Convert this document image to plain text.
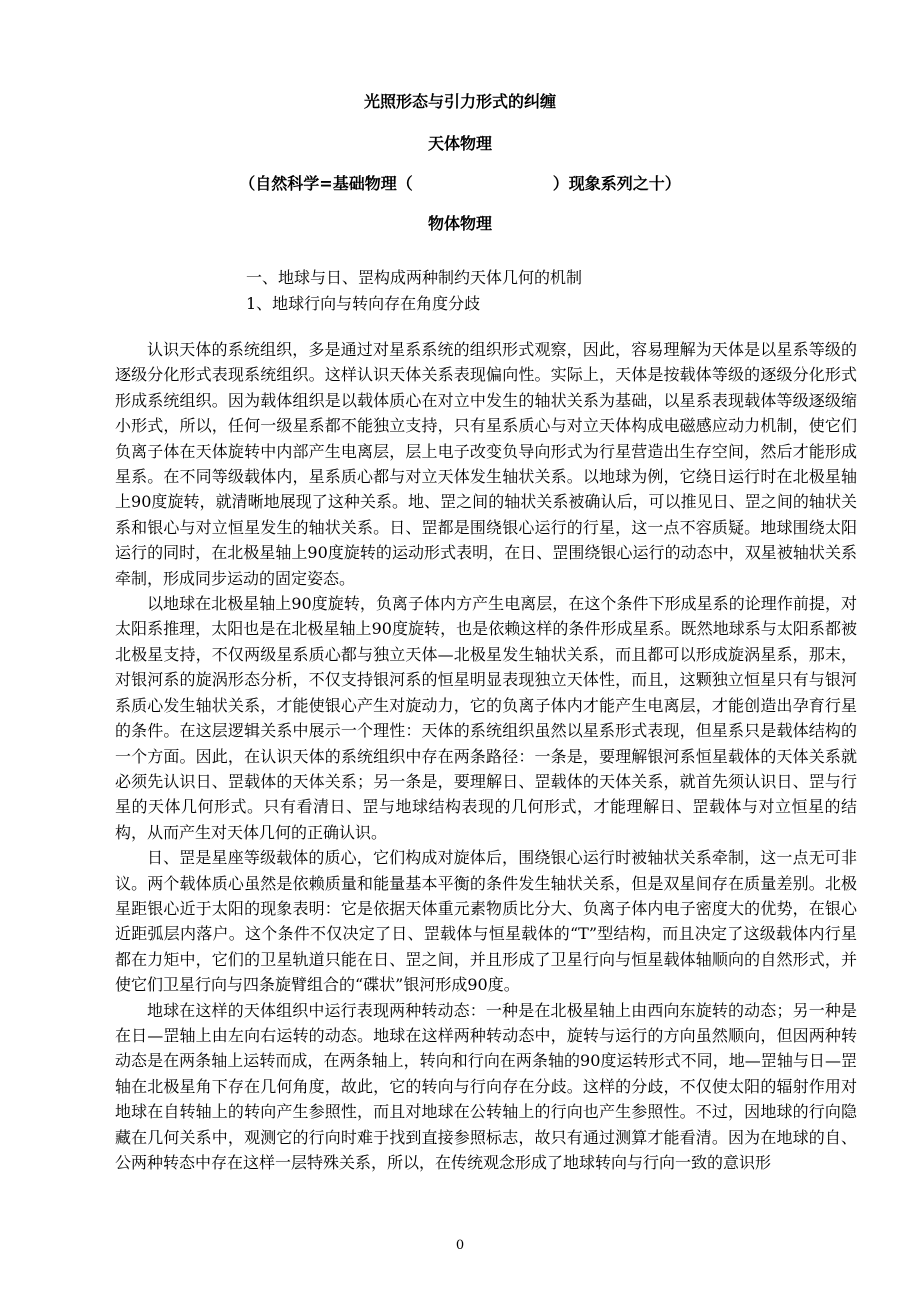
光照形态与引力形式的纠缠
天体物理
（自然科学=基础物理（	）现象系列之十）
物体物理
一、地球与日、罡构成两种制约天体几何的机制
1、地球行向与转向存在角度分歧

认识天体的系统组织，多是通过对星系系统的组织形式观察，因此，容易理解为天体是以星系等级的逐级分化形式表现系统组织。这样认识天体关系表现偏向性。实际上，天体是按载体等级的逐级分化形式形成系统组织。因为载体组织是以载体质心在对立中发生的轴状关系为基础，以星系表现载体等级逐级缩小形式，所以，任何一级星系都不能独立支持，只有星系质心与对立天体构成电磁感应动力机制，使它们负离子体在天体旋转中内部产生电离层，层上电子改变负导向形式为行星营造出生存空间，然后才能形成星系。在不同等级载体内，星系质心都与对立天体发生轴状关系。以地球为例，它绕日运行时在北极星轴上90度旋转，就清晰地展现了这种关系。地、罡之间的轴状关系被确认后，可以推见日、罡之间的轴状关系和银心与对立恒星发生的轴状关系。日、罡都是围绕银心运行的行星，这一点不容质疑。地球围绕太阳运行的同时，在北极星轴上90度旋转的运动形式表明，在日、罡围绕银心运行的动态中，双星被轴状关系牵制，形成同步运动的固定姿态。

以地球在北极星轴上90度旋转，负离子体内方产生电离层，在这个条件下形成星系的论理作前提，对太阳系推理，太阳也是在北极星轴上90度旋转，也是依赖这样的条件形成星系。既然地球系与太阳系都被北极星支持，不仅两级星系质心都与独立天体—北极星发生轴状关系，而且都可以形成旋涡星系，那末，对银河系的旋涡形态分析，不仅支持银河系的恒星明显表现独立天体性，而且，这颗独立恒星只有与银河系质心发生轴状关系，才能使银心产生对旋动力，它的负离子体内才能产生电离层，才能创造出孕育行星的条件。在这层逻辑关系中展示一个理性：天体的系统组织虽然以星系形式表现，但星系只是载体结构的一个方面。因此，在认识天体的系统组织中存在两条路径：一条是，要理解银河系恒星载体的天体关系就必须先认识日、罡载体的天体关系；另一条是，要理解日、罡载体的天体关系，就首先须认识日、罡与行星的天体几何形式。只有看清日、罡与地球结构表现的几何形式，才能理解日、罡载体与对立恒星的结构，从而产生对天体几何的正确认识。

日、罡是星座等级载体的质心，它们构成对旋体后，围绕银心运行时被轴状关系牵制，这一点无可非议。两个载体质心虽然是依赖质量和能量基本平衡的条件发生轴状关系，但是双星间存在质量差别。北极星距银心近于太阳的现象表明：它是依据天体重元素物质比分大、负离子体内电子密度大的优势，在银心近距弧层内落户。这个条件不仅决定了日、罡载体与恒星载体的“T”型结构，而且决定了这级载体内行星都在力矩中，它们的卫星轨道只能在日、罡之间，并且形成了卫星行向与恒星载体轴顺向的自然形式，并使它们卫星行向与四条旋臂组合的“碟状”银河形成90度。

地球在这样的天体组织中运行表现两种转动态：一种是在北极星轴上由西向东旋转的动态；另一种是在日—罡轴上由左向右运转的动态。地球在这样两种转动态中，旋转与运行的方向虽然顺向，但因两种转动态是在两条轴上运转而成，在两条轴上，转向和行向在两条轴的90度运转形式不同，地—罡轴与日—罡轴在北极星角下存在几何角度，故此，它的转向与行向存在分歧。这样的分歧，不仅使太阳的辐射作用对地球在自转轴上的转向产生参照性，而且对地球在公转轴上的行向也产生参照性。不过，因地球的行向隐藏在几何关系中，观测它的行向时难于找到直接参照标志，故只有通过测算才能看清。因为在地球的自、公两种转态中存在这样一层特殊关系，所以，在传统观念形成了地球转向与行向一致的意识形

0
